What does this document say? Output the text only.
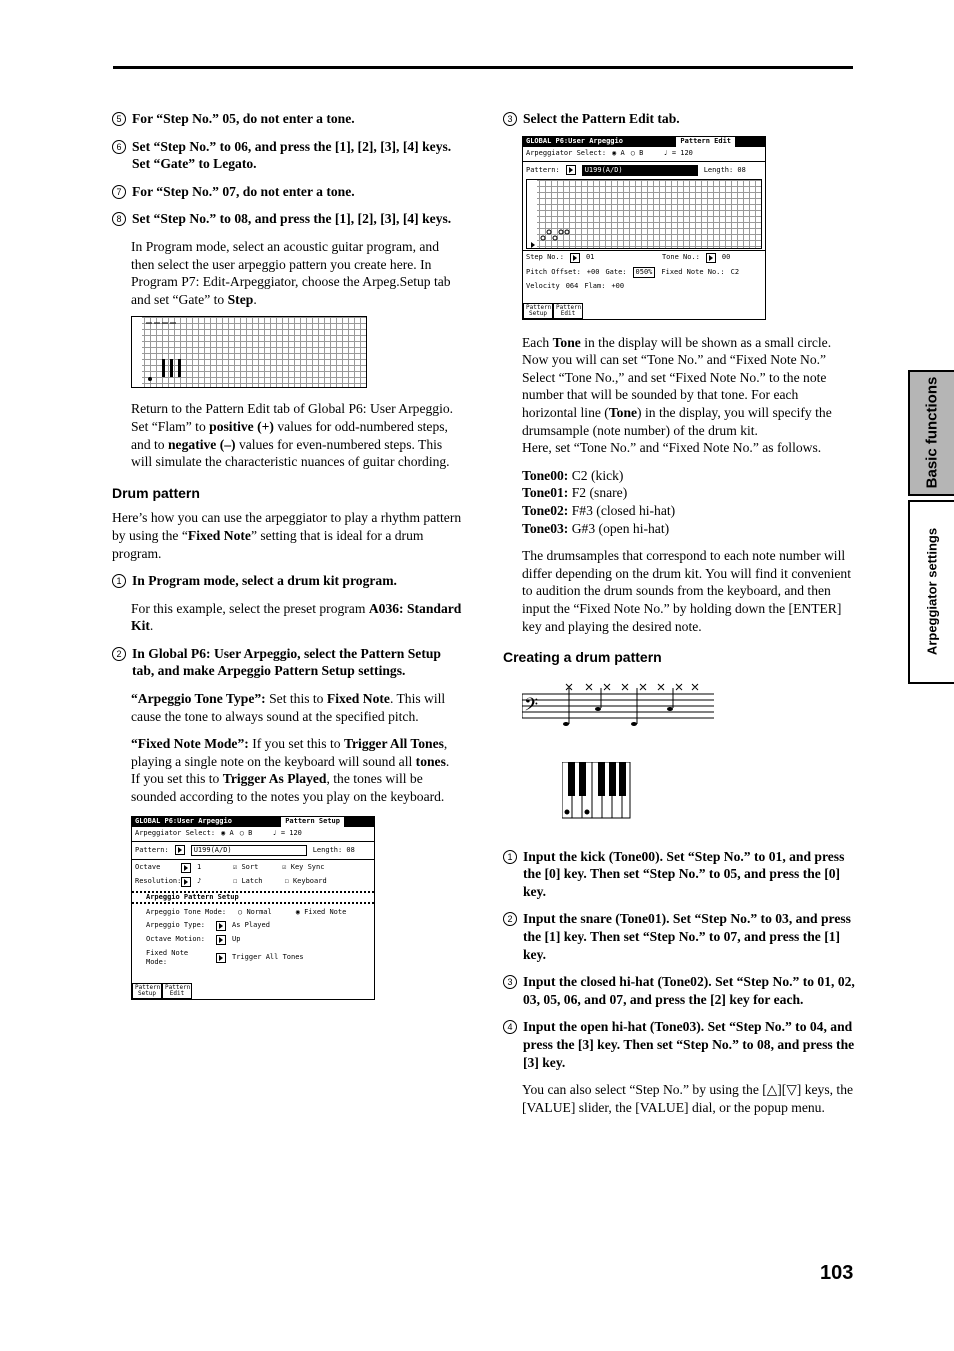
5 For “Step No.” 05, do not enter a tone.
6 Set “Step No.” to 06, and press the [1], [2], [3], [4] keys.
Set “Gate” to Legato.
7 For “Step No.” 07, do not enter a tone.
8 Set “Step No.” to 08, and press the [1], [2], [3], [4] keys.

In Program mode, select an acoustic guitar program, and then select the user arpeggio pattern you create here. In Program P7: Edit-Arpeggiator, choose the Arpeg.Setup tab and set “Gate” to Step.

Return to the Pattern Edit tab of Global P6: User Arpeggio. Set “Flam” to positive (+) values for odd-numbered steps, and to negative (–) values for even-numbered steps. This will simulate the characteristic nuances of guitar chording.

Drum pattern

Here’s how you can use the arpeggiator to play a rhythm pattern by using the “Fixed Note” setting that is ideal for a drum program.

1 In Program mode, select a drum kit program.

For this example, select the preset program A036: Standard Kit.

2 In Global P6: User Arpeggio, select the Pattern Setup tab, and make Arpeggio Pattern Setup settings.

“Arpeggio Tone Type”: Set this to Fixed Note. This will cause the tone to always sound at the specified pitch.

“Fixed Note Mode”: If you set this to Trigger All Tones, playing a single note on the keyboard will sound all tones.
If you set this to Trigger As Played, the tones will be sounded according to the notes you play on the keyboard.

GLOBAL P6:User Arpeggio	Pattern Setup
Arpeggiator Select: ◉ A ○ B	♩ = 120
Pattern:	U199(A/D)	Length: 08
Octave	1	☑ Sort	☑ Key Sync
Resolution: ♪	☐ Latch	☐ Keyboard
Arpeggio Pattern Setup
Arpeggio Tone Mode:	○ Normal	◉ Fixed Note
Arpeggio Type:	As Played
Octave Motion:	Up
Fixed Note Mode:
Trigger All Tones
Pattern Setup
Pattern Edit
3 Select the Pattern Edit tab.
GLOBAL P6:User Arpeggio	Pattern Edit
Arpeggiator Select: ◉ A ○ B	♩ = 120
Pattern:	U199(A/D)	Length: 08
Step No.:	01	Tone No.:	00
Pitch Offset: +00 Gate:	050%	Fixed Note No.: C2
Velocity 064 Flam: +00
Pattern Setup
Pattern Edit

Each Tone in the display will be shown as a small circle.
Now you will can set “Tone No.” and “Fixed Note No.” Select “Tone No.,” and set “Fixed Note No.” to the note number that will be sounded by that tone. For each horizontal line (Tone) in the display, you will specify the drumsample (note number) of the drum kit.
Here, set “Tone No.” and “Fixed Note No.” as follows.

Tone00: C2 (kick)
Tone01: F2 (snare)
Tone02: F#3 (closed hi-hat)
Tone03: G#3 (open hi-hat)

The drumsamples that correspond to each note number will differ depending on the drum kit. You will find it convenient to audition the drum sounds from the keyboard, and then input the “Fixed Note No.” by holding down the [ENTER] key and playing the desired note.

Creating a drum pattern
𝄢
1 Input the kick (Tone00). Set “Step No.” to 01, and press the [0] key. Then set “Step No.” to 05, and press the [0] key.
2 Input the snare (Tone01). Set “Step No.” to 03, and press the [1] key. Then set “Step No.” to 07, and press the [1] key.
3 Input the closed hi-hat (Tone02). Set “Step No.” to 01, 02, 03, 05, 06, and 07, and press the [2] key for each.
4 Input the open hi-hat (Tone03). Set “Step No.” to 04, and press the [3] key. Then set “Step No.” to 08, and press the [3] key.

You can also select “Step No.” by using the [△][▽] keys, the [VALUE] slider, the [VALUE] dial, or the popup menu.

Basic functions
Arpeggiator settings
103
